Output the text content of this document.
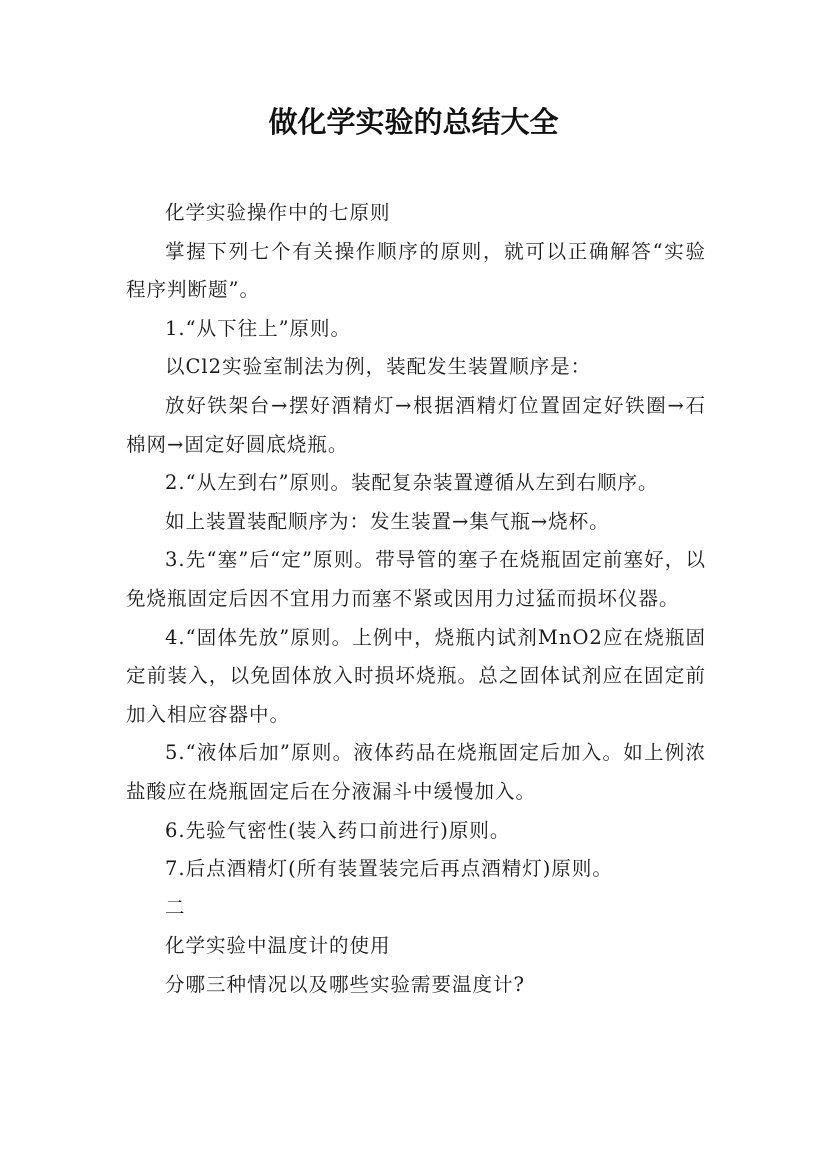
做化学实验的总结大全

化学实验操作中的七原则

掌握下列七个有关操作顺序的原则，就可以正确解答“实验程序判断题”。

1.“从下往上”原则。

以Cl2实验室制法为例，装配发生装置顺序是：

放好铁架台→摆好酒精灯→根据酒精灯位置固定好铁圈→石棉网→固定好圆底烧瓶。

2.“从左到右”原则。装配复杂装置遵循从左到右顺序。

如上装置装配顺序为：发生装置→集气瓶→烧杯。

3.先“塞”后“定”原则。带导管的塞子在烧瓶固定前塞好，以免烧瓶固定后因不宜用力而塞不紧或因用力过猛而损坏仪器。

4.“固体先放”原则。上例中，烧瓶内试剂MnO2应在烧瓶固定前装入，以免固体放入时损坏烧瓶。总之固体试剂应在固定前加入相应容器中。

5.“液体后加”原则。液体药品在烧瓶固定后加入。如上例浓盐酸应在烧瓶固定后在分液漏斗中缓慢加入。

6.先验气密性(装入药口前进行)原则。

7.后点酒精灯(所有装置装完后再点酒精灯)原则。

二

化学实验中温度计的使用

分哪三种情况以及哪些实验需要温度计?
